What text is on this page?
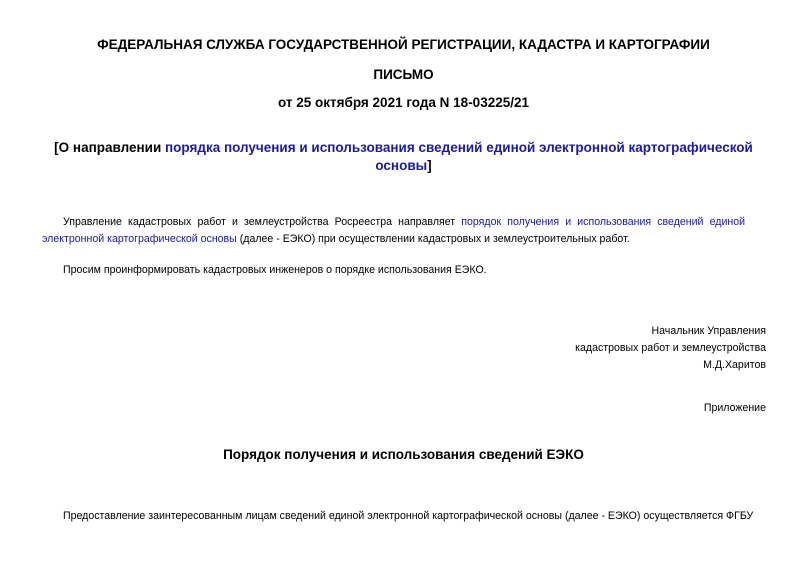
ФЕДЕРАЛЬНАЯ СЛУЖБА ГОСУДАРСТВЕННОЙ РЕГИСТРАЦИИ, КАДАСТРА И КАРТОГРАФИИ
ПИСЬМО
от 25 октября 2021 года N 18-03225/21
[О направлении порядка получения и использования сведений единой электронной картографической
основы]
Управление кадастровых работ и землеустройства Росреестра направляет порядок получения и использования сведений единой
электронной картографической основы (далее - ЕЭКО) при осуществлении кадастровых и землеустроительных работ.
Просим проинформировать кадастровых инженеров о порядке использования ЕЭКО.
Начальник Управления
кадастровых работ и землеустройства
М.Д.Харитов
Приложение
Порядок получения и использования сведений ЕЭКО
Предоставление заинтересованным лицам сведений единой электронной картографической основы (далее - ЕЭКО) осуществляется ФГБУ
